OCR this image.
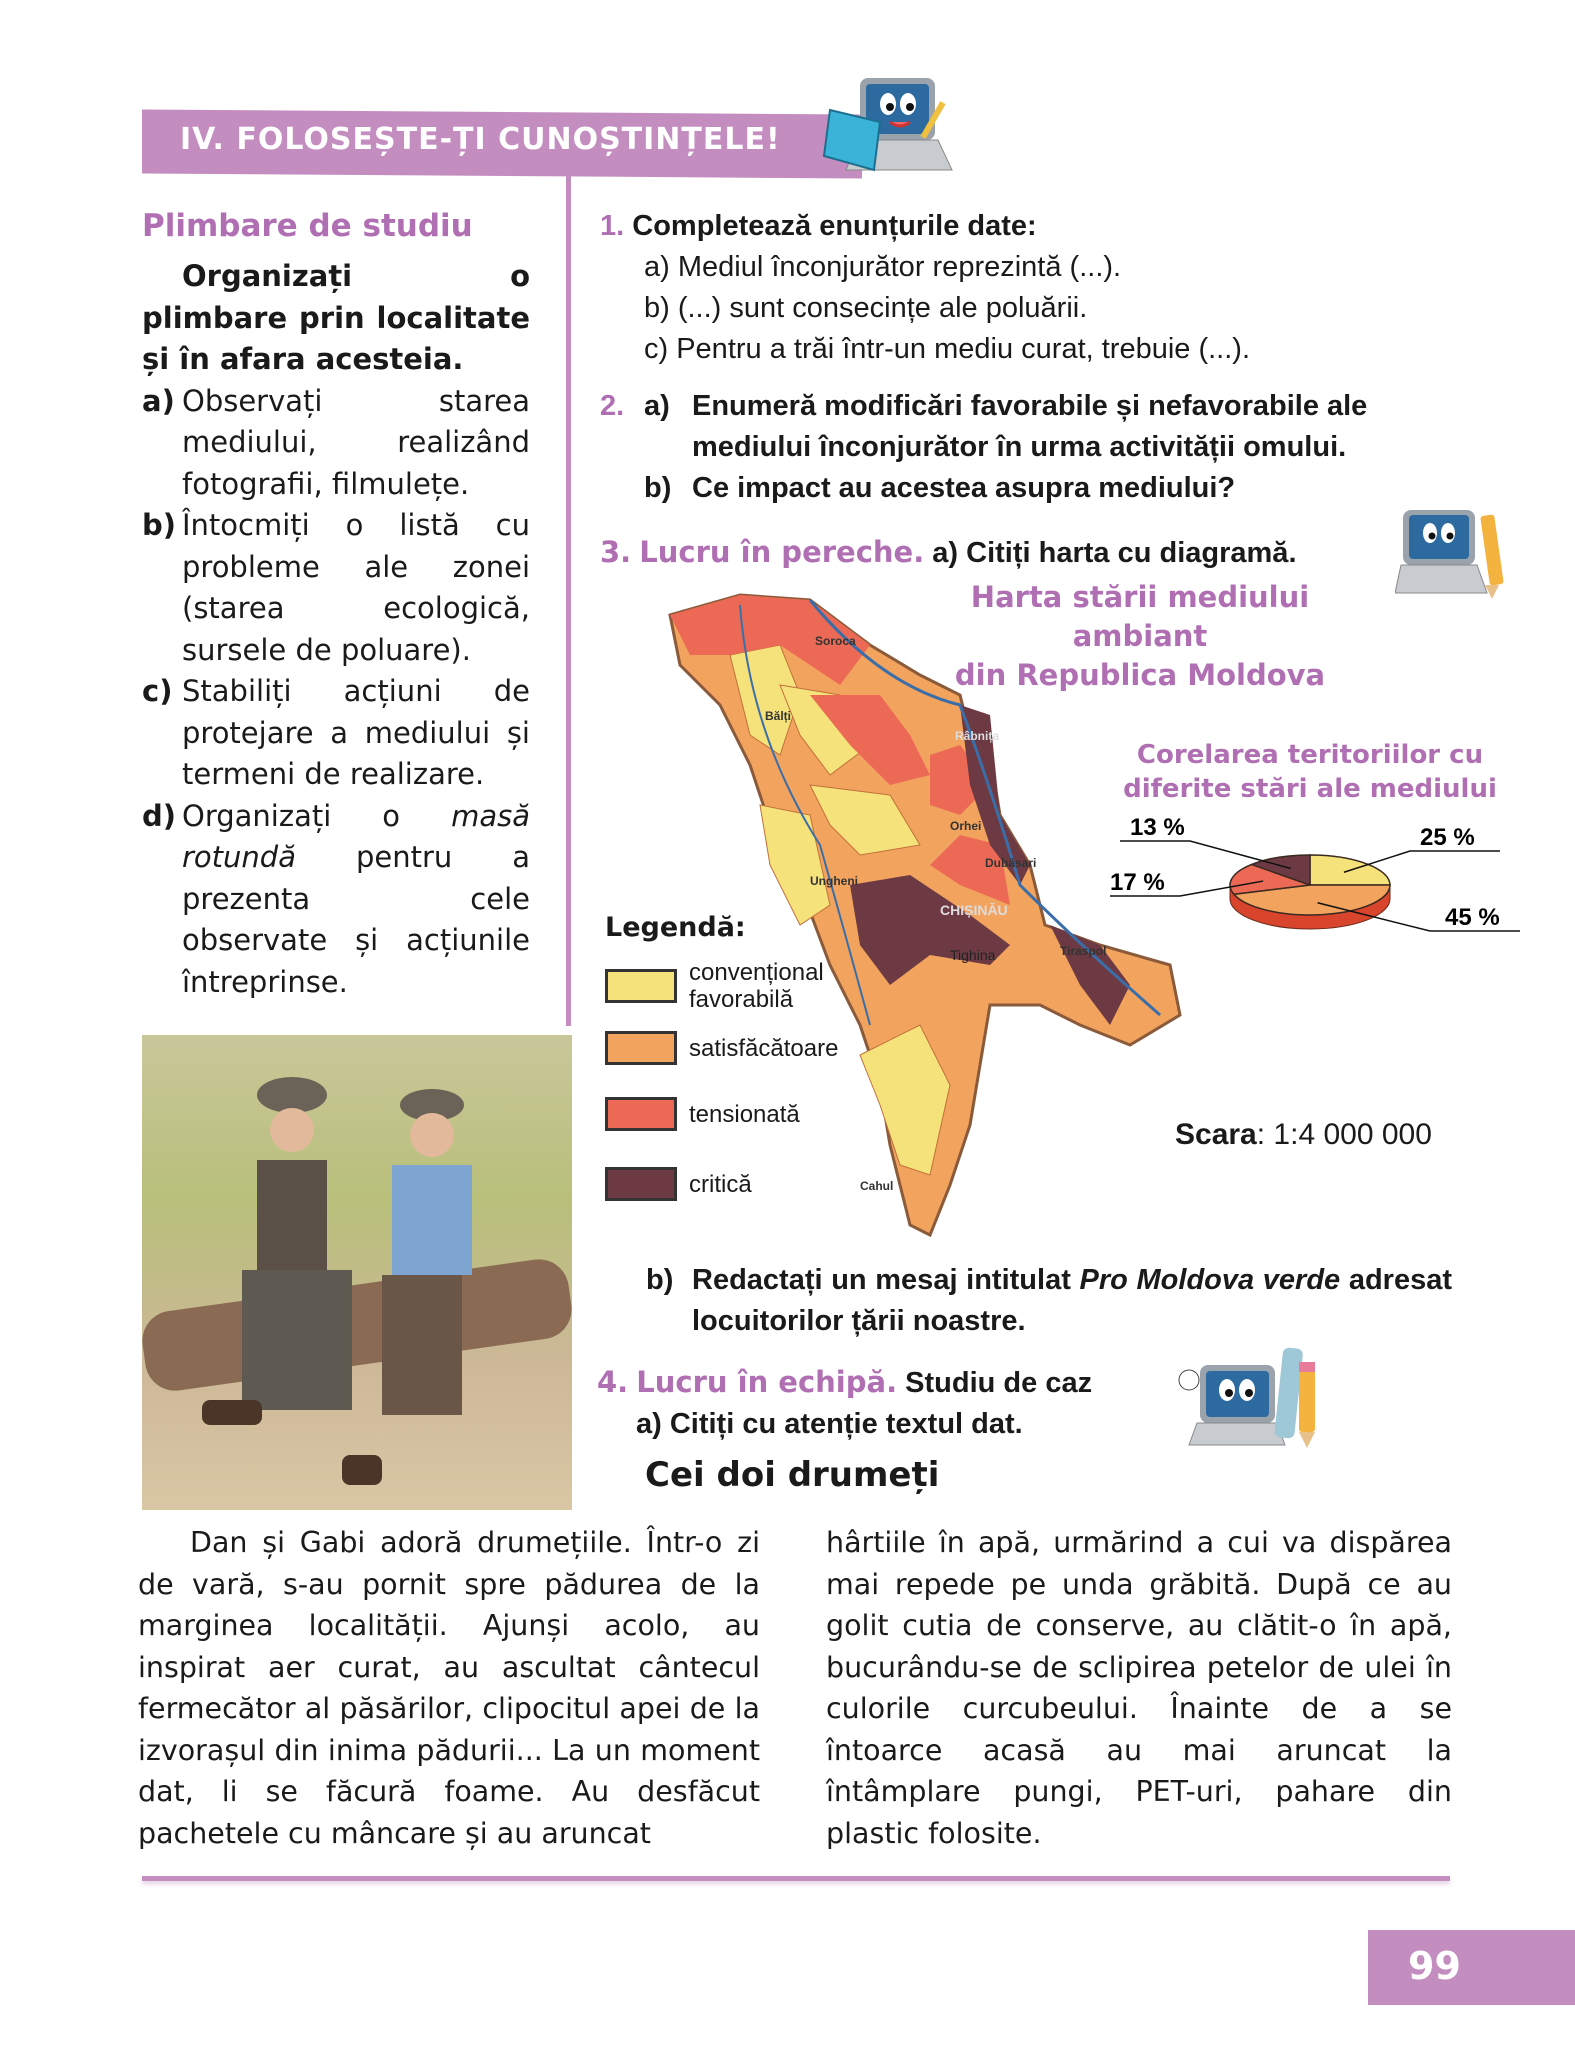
IV. FOLOSEȘTE-ȚI CUNOȘTINȚELE!
Plimbare de studiu
Organizați o plimbare prin localitate și în afara acesteia.
a) Observați starea mediului, realizând fotografii, filmulețe.
b) Întocmiți o listă cu probleme ale zonei (starea ecologică, sursele de poluare).
c) Stabiliți acțiuni de protejare a mediului și termeni de realizare.
d) Organizați o masă rotundă pentru a prezenta cele observate și acțiunile întreprinse.
1. Completează enunțurile date:
a) Mediul înconjurător reprezintă (...).
b) (...) sunt consecințe ale poluării.
c) Pentru a trăi într-un mediu curat, trebuie (...).
2. a) Enumeră modificări favorabile și nefavorabile ale mediului înconjurător în urma activității omului.
b) Ce impact au acestea asupra mediului?
3. Lucru în pereche. a) Citiți harta cu diagramă.
Harta stării mediului ambiant
din Republica Moldova
Soroca
Bălți
Râbnița
Orhei
Dubăsari
Ungheni
CHIȘINĂU
Tighina	Tiraspol
Cahul
Legendă:
convențional favorabilă
satisfăcătoare
tensionată
critică
Corelarea teritoriilor cu diferite stări ale mediului
25 %
45 %
17 %
13 %
Scara: 1:4 000 000
b) Redactați un mesaj intitulat Pro Moldova verde adresat locuitorilor țării noastre.
4. Lucru în echipă. Studiu de caz
a) Citiți cu atenție textul dat.
Cei doi drumeți
Dan și Gabi adoră drumețiile. Într-o zi de vară, s-au pornit spre pădurea de la marginea localității. Ajunși acolo, au inspirat aer curat, au ascultat cântecul fermecător al păsărilor, clipocitul apei de la izvorașul din inima pădurii... La un moment dat, li se făcură foame. Au desfăcut pachetele cu mâncare și au aruncat
hârtiile în apă, urmărind a cui va dispărea mai repede pe unda grăbită. După ce au golit cutia de conserve, au clătit-o în apă, bucurându-se de sclipirea petelor de ulei în culorile curcubeului. Înainte de a se întoarce acasă au mai aruncat la întâmplare pungi, PET-uri, pahare din plastic folosite.
99
